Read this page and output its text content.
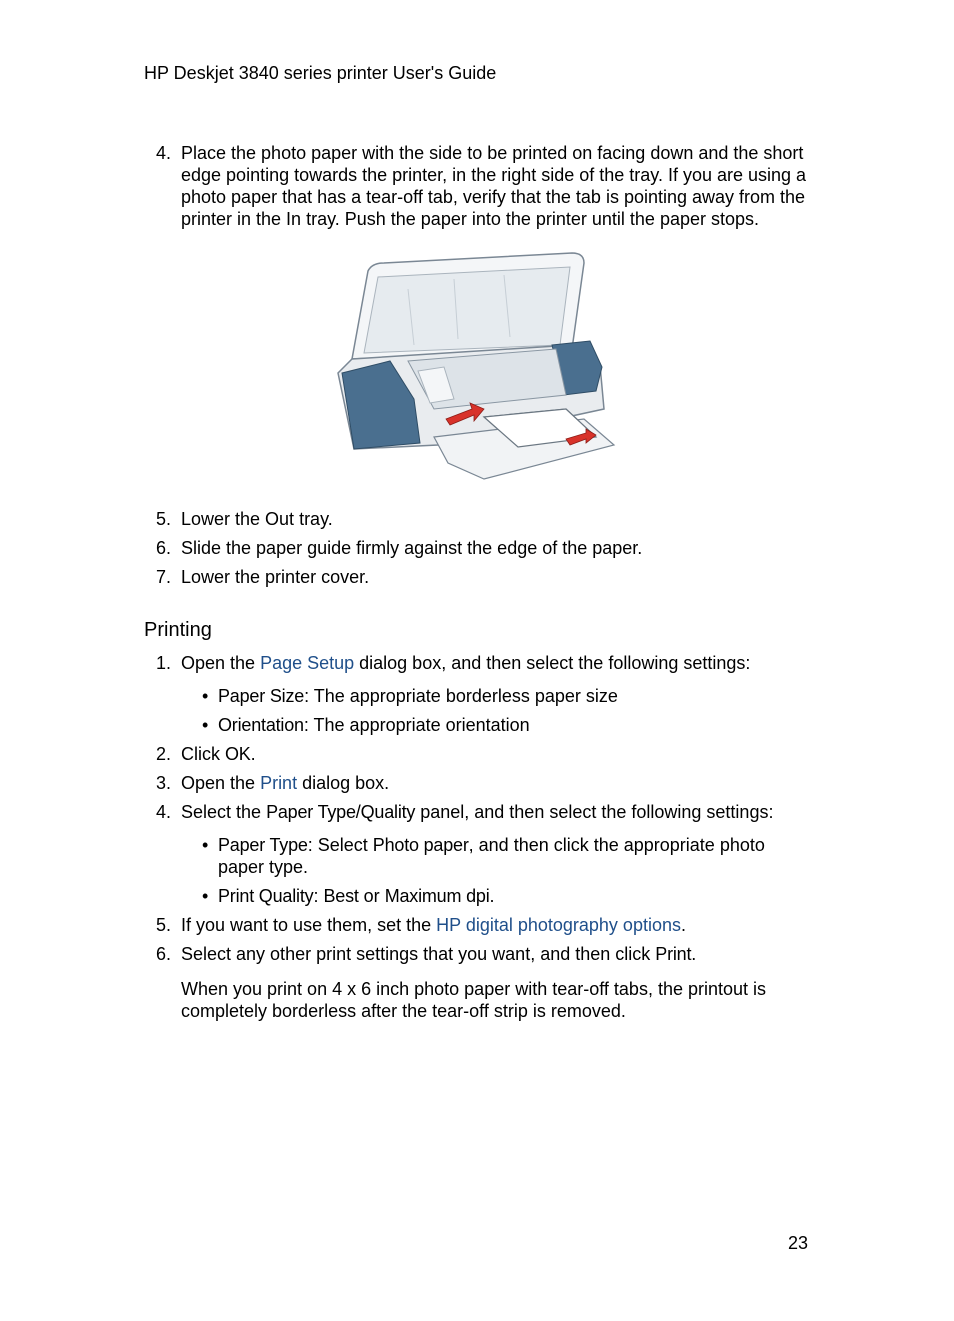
HP Deskjet 3840 series printer User's Guide
4. Place the photo paper with the side to be printed on facing down and the short edge pointing towards the printer, in the right side of the tray. If you are using a photo paper that has a tear-off tab, verify that the tab is pointing away from the printer in the In tray. Push the paper into the printer until the paper stops.
5. Lower the Out tray.
6. Slide the paper guide firmly against the edge of the paper.
7. Lower the printer cover.
Printing
1. Open the Page Setup dialog box, and then select the following settings:
• Paper Size: The appropriate borderless paper size
• Orientation: The appropriate orientation
2. Click OK.
3. Open the Print dialog box.
4. Select the Paper Type/Quality panel, and then select the following settings:
• Paper Type: Select Photo paper, and then click the appropriate photo paper type.
• Print Quality: Best or Maximum dpi.
5. If you want to use them, set the HP digital photography options.
6. Select any other print settings that you want, and then click Print.
When you print on 4 x 6 inch photo paper with tear-off tabs, the printout is completely borderless after the tear-off strip is removed.
23
